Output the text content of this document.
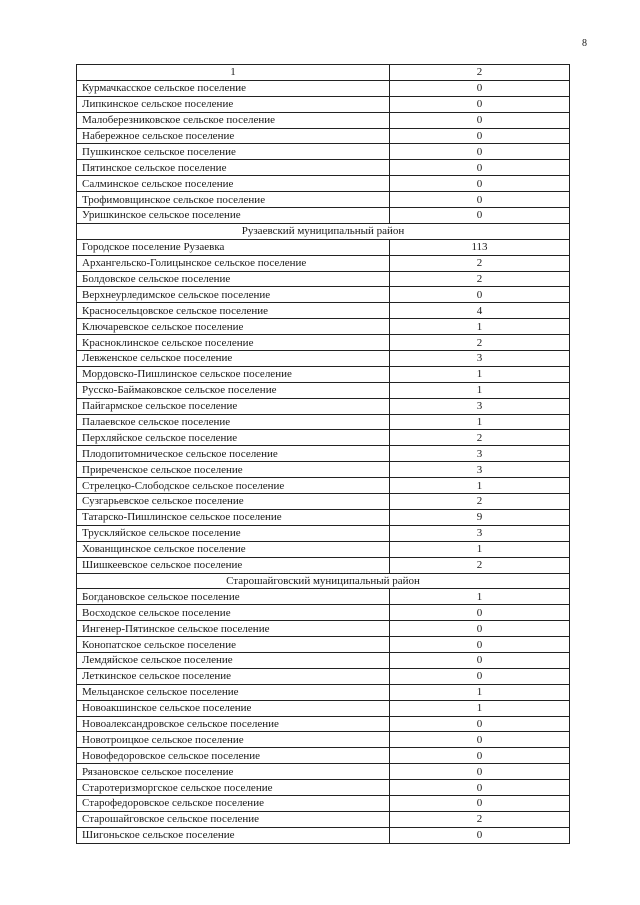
8
1	2
Курмачкасское сельское поселение	0
Липкинское сельское поселение	0
Малоберезниковское сельское поселение	0
Набережное сельское поселение	0
Пушкинское сельское поселение	0
Пятинское сельское поселение	0
Салминское сельское поселение	0
Трофимовщинское сельское поселение	0
Уришкинское сельское поселение	0
Рузаевский муниципальный район	
Городское поселение Рузаевка	113
Архангельско-Голицынское сельское поселение	2
Болдовское сельское поселение	2
Верхнеурледимское сельское поселение	0
Красносельцовское сельское поселение	4
Ключаревское сельское поселение	1
Красноклинское сельское поселение	2
Левженское сельское поселение	3
Мордовско-Пишлинское сельское поселение	1
Русско-Баймаковское сельское поселение	1
Пайгармское сельское поселение	3
Палаевское сельское поселение	1
Перхляйское сельское поселение	2
Плодопитомническое сельское поселение	3
Приреченское сельское поселение	3
Стрелецко-Слободское сельское поселение	1
Сузгарьевское сельское поселение	2
Татарско-Пишлинское сельское поселение	9
Трускляйское сельское поселение	3
Хованщинское сельское поселение	1
Шишкеевское сельское поселение	2
Старошайговский муниципальный район	
Богдановское сельское поселение	1
Восходское сельское поселение	0
Ингенер-Пятинское сельское поселение	0
Конопатское сельское поселение	0
Лемдяйское сельское поселение	0
Леткинское сельское поселение	0
Мельцанское сельское поселение	1
Новоакшинское сельское поселение	1
Новоалександровское сельское поселение	0
Новотроицкое сельское поселение	0
Новофедоровское сельское поселение	0
Рязановское сельское поселение	0
Старотеризморгское сельское поселение	0
Старофедоровское сельское поселение	0
Старошайговское сельское поселение	2
Шигоньское сельское поселение	0
